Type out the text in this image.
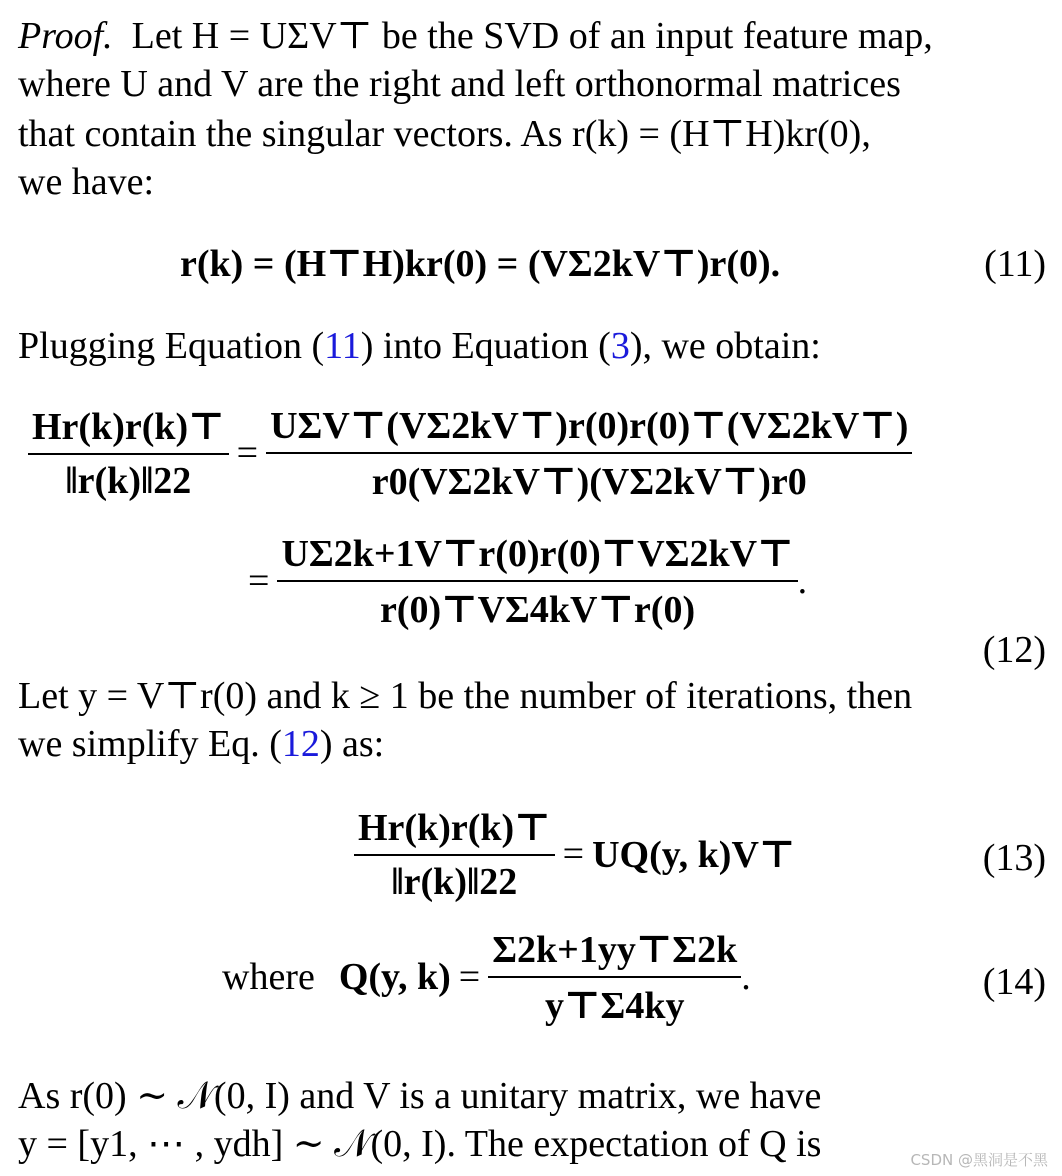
Proof. Let H = UΣV⊤ be the SVD of an input feature map,
where U and V are the right and left orthonormal matrices
that contain the singular vectors. As r(k) = (H⊤H)kr(0),
we have:
r(k) = (H⊤H)kr(0) = (VΣ2kV⊤)r(0).	(11)
Plugging Equation ( 11 ) into Equation ( 3 ), we obtain:
$\frac{Hr(k)r(k)⊤}{‖r(k)‖22} = \frac{\text{UΣV⊤(VΣ2kV⊤)r(0)r(0)⊤(VΣ2kV⊤)}}{r0(V\Sigma 2kV⊤)(V\Sigma 2kV⊤)r0}$
= $\frac{U\Sigma 2k+1V⊤r(0)r(0)⊤V\Sigma 2kV⊤}{r(0)⊤V\Sigma 4kV⊤r(0)}$ .
(12)
Let y = V⊤r(0) and k ≥ 1 be the number of iterations, then
we simplify Eq. ( 12 ) as:
$\frac{Hr(k)r(k)⊤}{‖r(k)‖22} = UQ(y$, k)V⊤	(13)
where Q(y, $k) = \frac{\Sigma 2k+1yy⊤\Sigma 2k}{y⊤\Sigma 4ky}$ .	(14)
As r(0) ∼ 𝒩(0, I) and V is a unitary matrix, we have
y = [y1, ⋯ , ydh] ∼ 𝒩(0, I). The expectation of Q is	CSDN @黑洞是不黑
